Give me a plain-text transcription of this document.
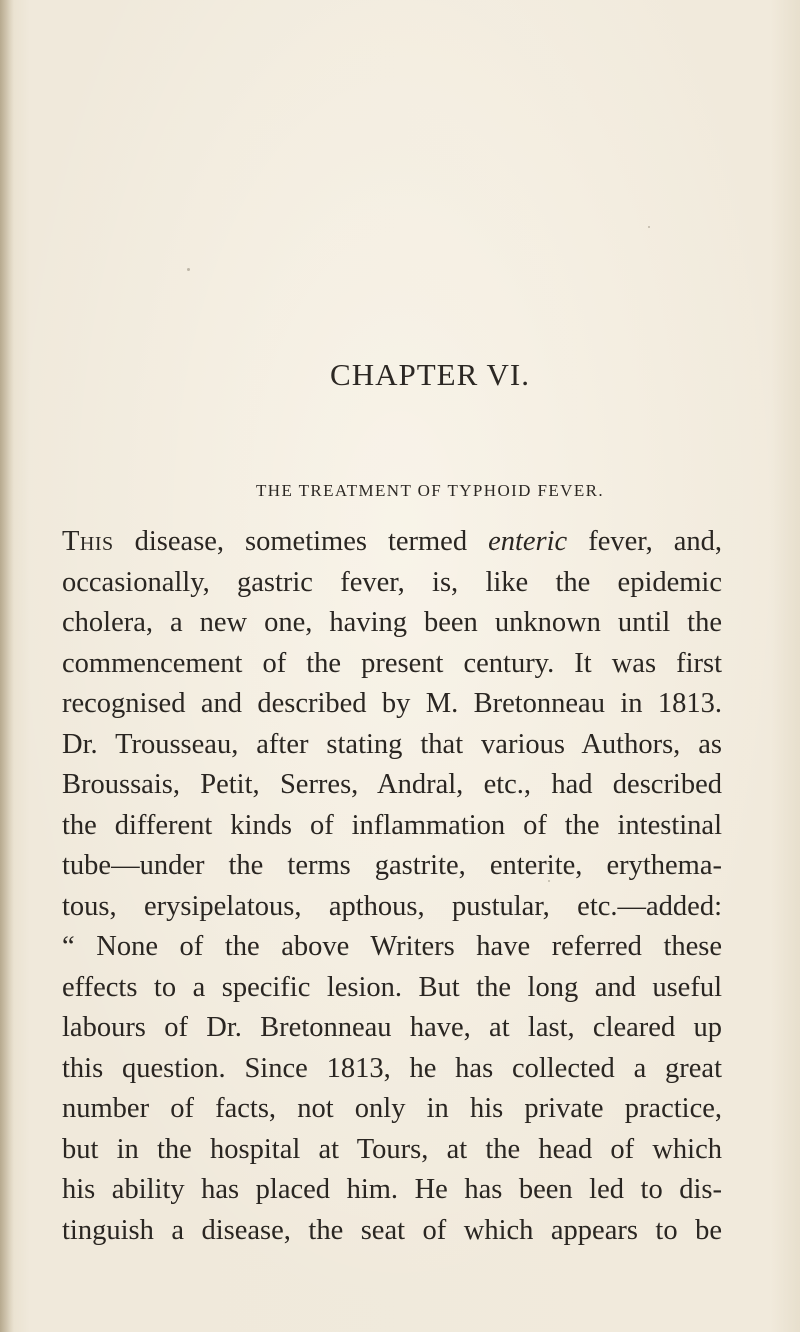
CHAPTER VI.
THE TREATMENT OF TYPHOID FEVER.
This disease, sometimes termed enteric fever, and,
occasionally, gastric fever, is, like the epidemic
cholera, a new one, having been unknown until the
commencement of the present century. It was first
recognised and described by M. Bretonneau in 1813.
Dr. Trousseau, after stating that various Authors, as
Broussais, Petit, Serres, Andral, etc., had described
the different kinds of inflammation of the intestinal
tube—under the terms gastrite, enterite, erythema-
tous, erysipelatous, apthous, pustular, etc.—added:
“ None of the above Writers have referred these
effects to a specific lesion. But the long and useful
labours of Dr. Bretonneau have, at last, cleared up
this question. Since 1813, he has collected a great
number of facts, not only in his private practice,
but in the hospital at Tours, at the head of which
his ability has placed him. He has been led to dis-
tinguish a disease, the seat of which appears to be
